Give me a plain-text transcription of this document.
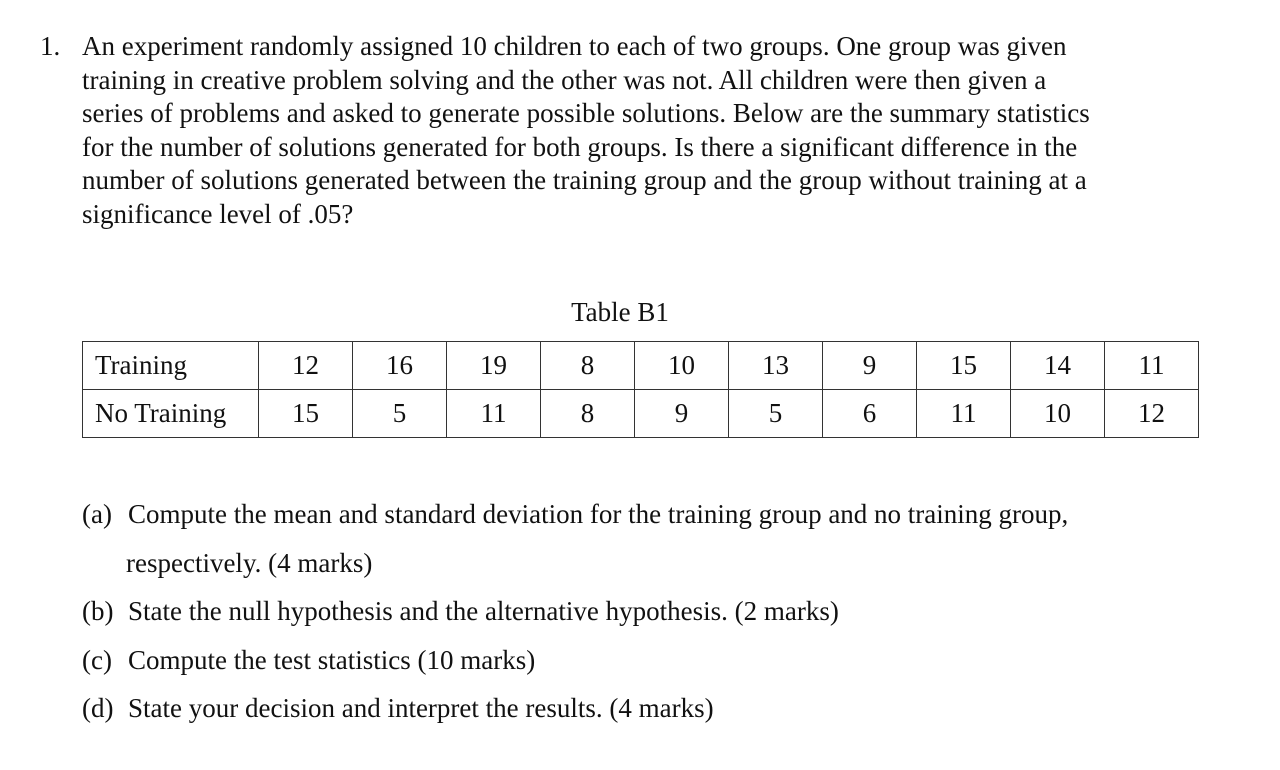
1. An experiment randomly assigned 10 children to each of two groups. One group was given
training in creative problem solving and the other was not. All children were then given a
series of problems and asked to generate possible solutions. Below are the summary statistics
for the number of solutions generated for both groups. Is there a significant difference in the
number of solutions generated between the training group and the group without training at a
significance level of .05?
Table B1
Training	12	16	19	8	10	13	9	15	14	11
No Training	15	5	11	8	9	5	6	11	10	12
(a) Compute the mean and standard deviation for the training group and no training group,
respectively. (4 marks)
(b) State the null hypothesis and the alternative hypothesis. (2 marks)
(c) Compute the test statistics (10 marks)
(d) State your decision and interpret the results. (4 marks)
